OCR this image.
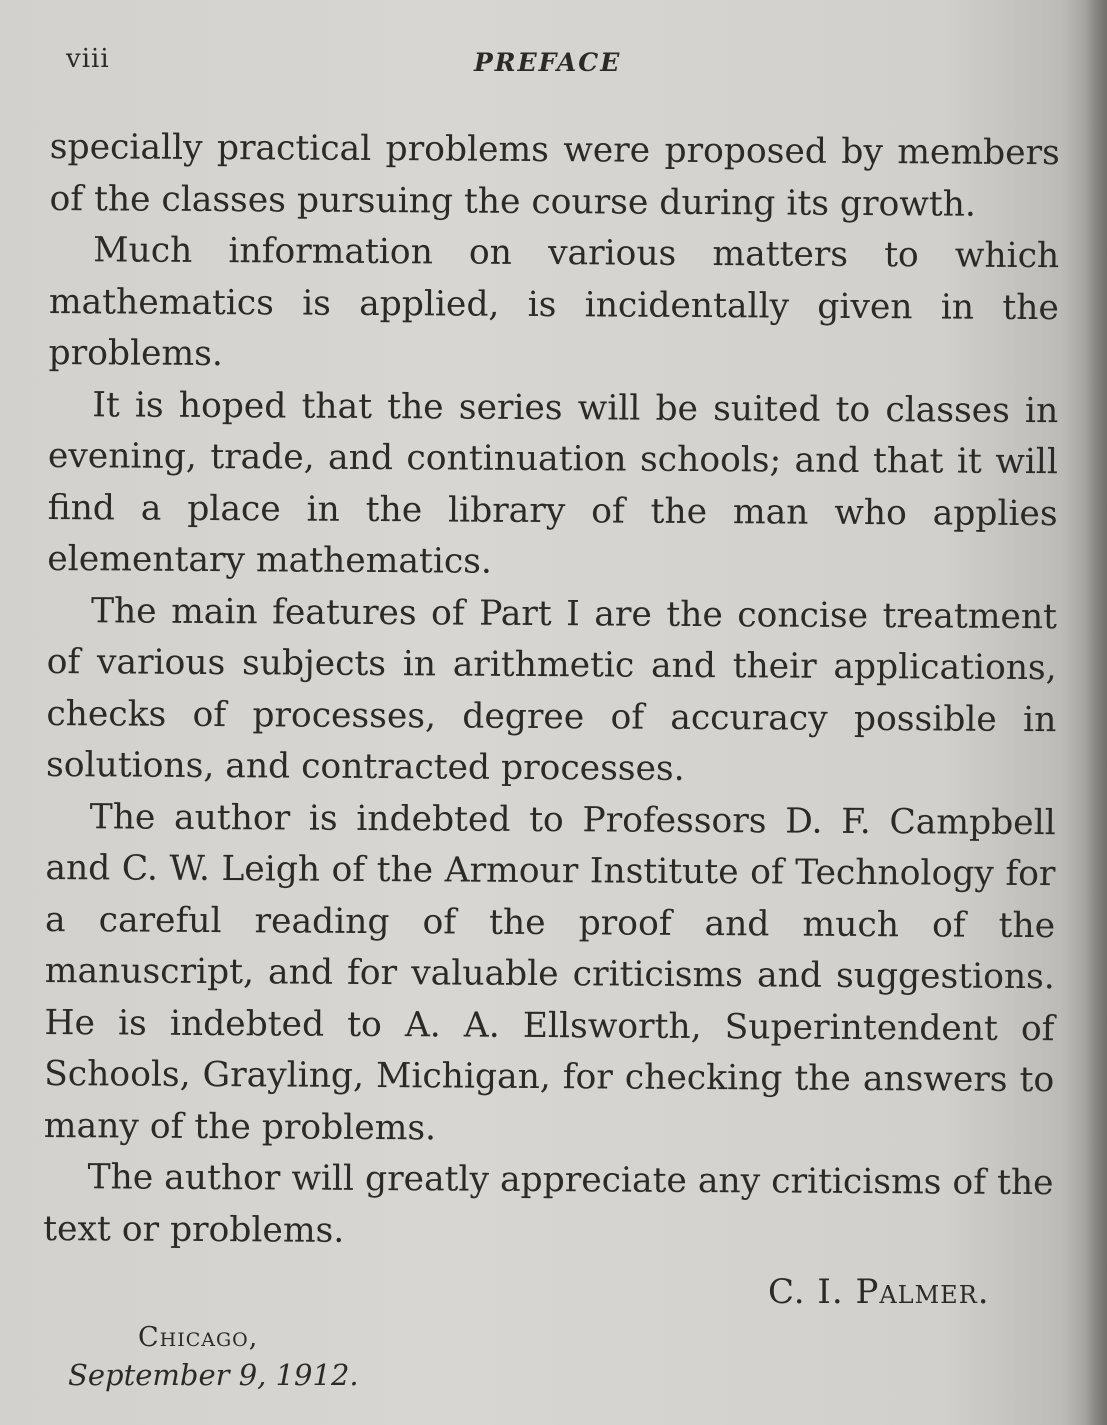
viii	PREFACE

specially practical problems were proposed by members of the classes pursuing the course during its growth.

Much information on various matters to which mathematics is applied, is incidentally given in the problems.

It is hoped that the series will be suited to classes in evening, trade, and continuation schools; and that it will find a place in the library of the man who applies elementary mathematics.

The main features of Part I are the concise treatment of various subjects in arithmetic and their applications, checks of processes, degree of accuracy possible in solutions, and contracted processes.

The author is indebted to Professors D. F. Campbell and C. W. Leigh of the Armour Institute of Technology for a careful reading of the proof and much of the manuscript, and for valuable criticisms and suggestions. He is indebted to A. A. Ellsworth, Superintendent of Schools, Grayling, Michigan, for checking the answers to many of the problems.

The author will greatly appreciate any criticisms of the text or problems.

C. I. Palmer.
Chicago,
September 9, 1912.
